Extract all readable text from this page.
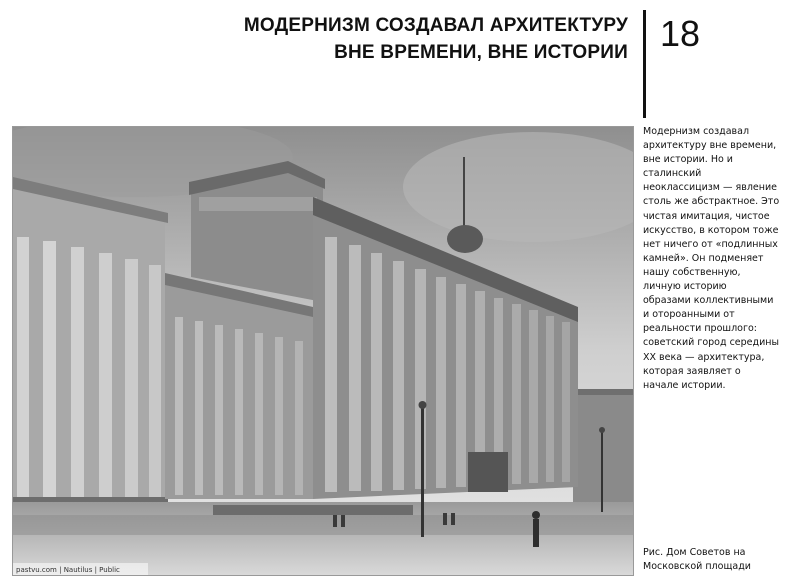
МОДЕРНИЗМ СОЗДАВАЛ АРХИТЕКТУРУ
ВНЕ ВРЕМЕНИ, ВНЕ ИСТОРИИ 18
pastvu.com | Nautilus | Public
Модернизм создавал
архитектуру вне времени,
вне истории. Но и
сталинский
неоклассицизм — явление
столь же абстрактное. Это
чистая имитация, чистое
искусство, в котором тоже
нет ничего от «подлинных
камней». Он подменяет
нашу собственную,
личную историю
образами коллективными
и отороанными от
реальности прошлого:
советский город середины
XX века — архитектура,
которая заявляет о
начале истории.
Рис. Дом Советов на
Московской площади
